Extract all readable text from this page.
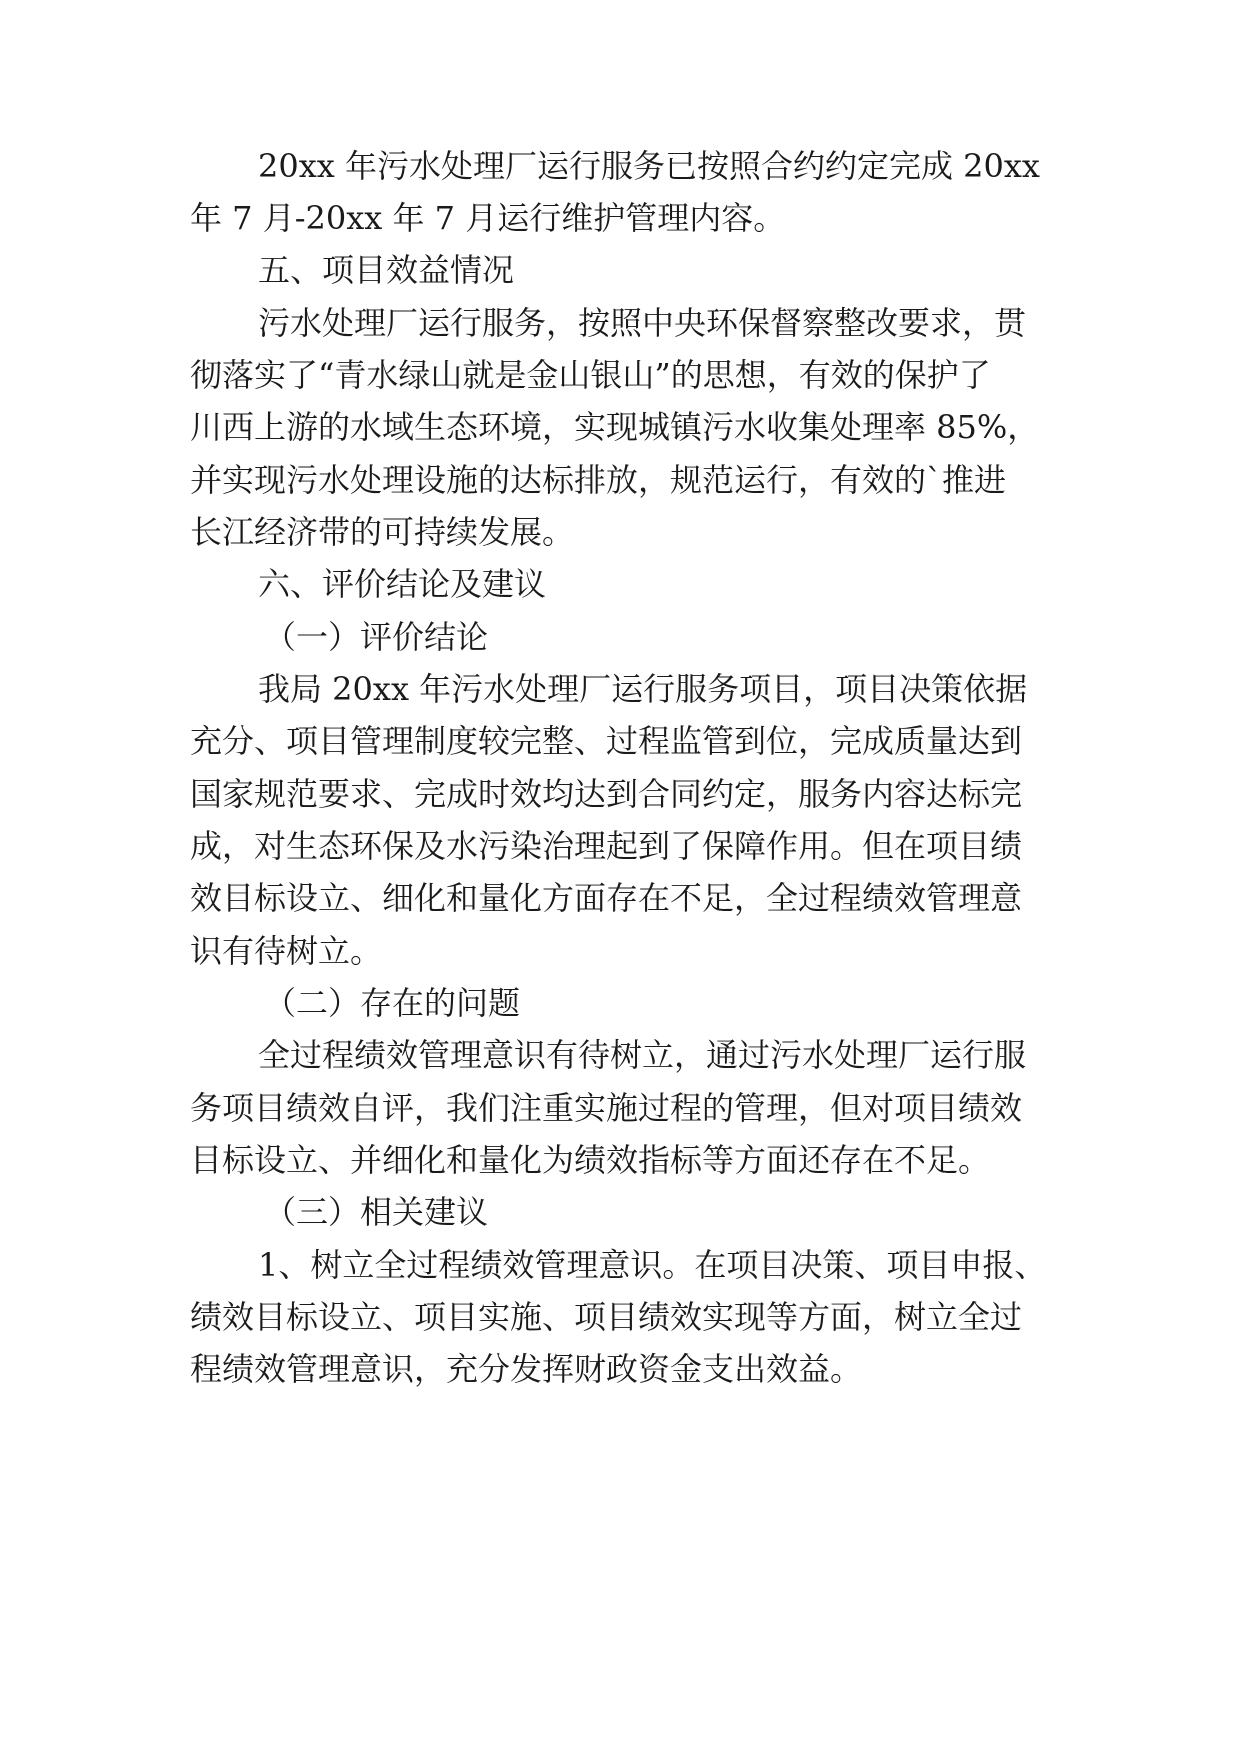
20xx 年污水处理厂运行服务已按照合约约定完成 20xx
年 7 月-20xx 年 7 月运行维护管理内容。
五、项目效益情况
污水处理厂运行服务，按照中央环保督察整改要求，贯
彻落实了“青水绿山就是金山银山”的思想，有效的保护了
川西上游的水域生态环境，实现城镇污水收集处理率 85%，
并实现污水处理设施的达标排放，规范运行，有效的`推进
长江经济带的可持续发展。
六、评价结论及建议
（一）评价结论
我局 20xx 年污水处理厂运行服务项目，项目决策依据
充分、项目管理制度较完整、过程监管到位，完成质量达到
国家规范要求、完成时效均达到合同约定，服务内容达标完
成，对生态环保及水污染治理起到了保障作用。但在项目绩
效目标设立、细化和量化方面存在不足，全过程绩效管理意
识有待树立。
（二）存在的问题
全过程绩效管理意识有待树立，通过污水处理厂运行服
务项目绩效自评，我们注重实施过程的管理，但对项目绩效
目标设立、并细化和量化为绩效指标等方面还存在不足。
（三）相关建议
1、树立全过程绩效管理意识。在项目决策、项目申报、
绩效目标设立、项目实施、项目绩效实现等方面，树立全过
程绩效管理意识，充分发挥财政资金支出效益。
